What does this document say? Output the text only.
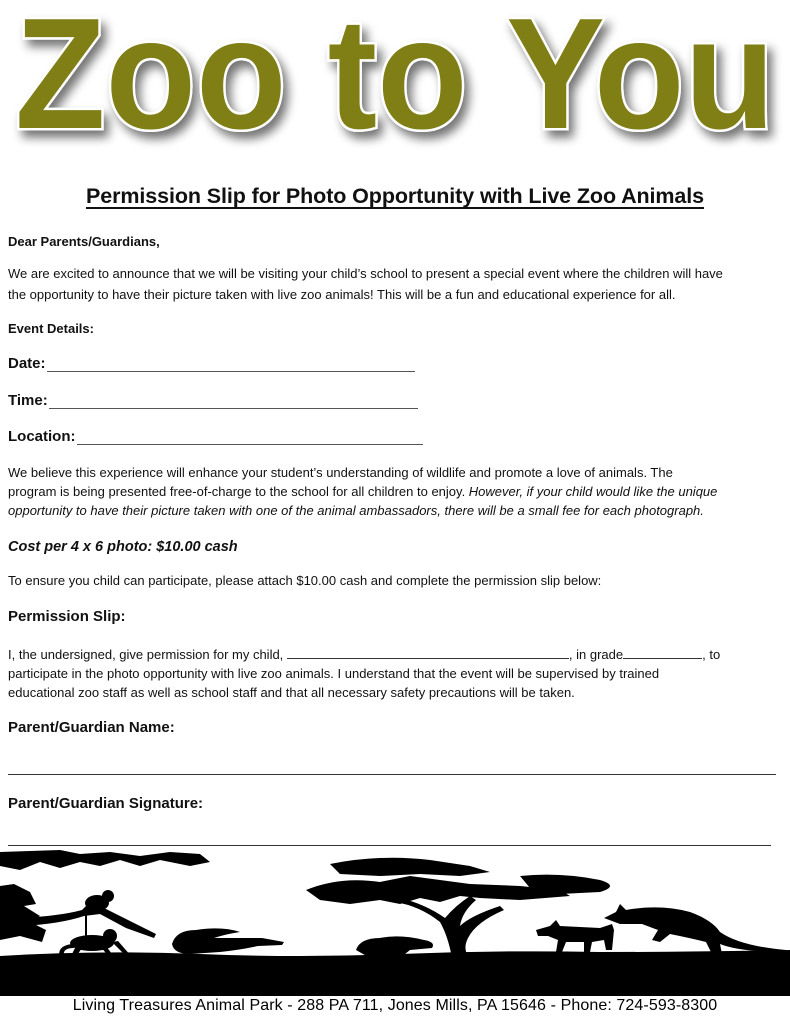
Zoo to You
Permission Slip for Photo Opportunity with Live Zoo Animals
Dear Parents/Guardians,
We are excited to announce that we will be visiting your child’s school to present a special event where the children will have
the opportunity to have their picture taken with live zoo animals! This will be a fun and educational experience for all.
Event Details:
Date:
Time:
Location:
We believe this experience will enhance your student’s understanding of wildlife and promote a love of animals. The
program is being presented free-of-charge to the school for all children to enjoy. However, if your child would like the unique
opportunity to have their picture taken with one of the animal ambassadors, there will be a small fee for each photograph.
Cost per 4 x 6 photo: $10.00 cash
To ensure you child can participate, please attach $10.00 cash and complete the permission slip below:
Permission Slip:
I, the undersigned, give permission for my child,	, in grade	, to
participate in the photo opportunity with live zoo animals. I understand that the event will be supervised by trained
educational zoo staff as well as school staff and that all necessary safety precautions will be taken.
Parent/Guardian Name:
Parent/Guardian Signature:
Living Treasures Animal Park - 288 PA 711, Jones Mills, PA 15646 - Phone: 724-593-8300
